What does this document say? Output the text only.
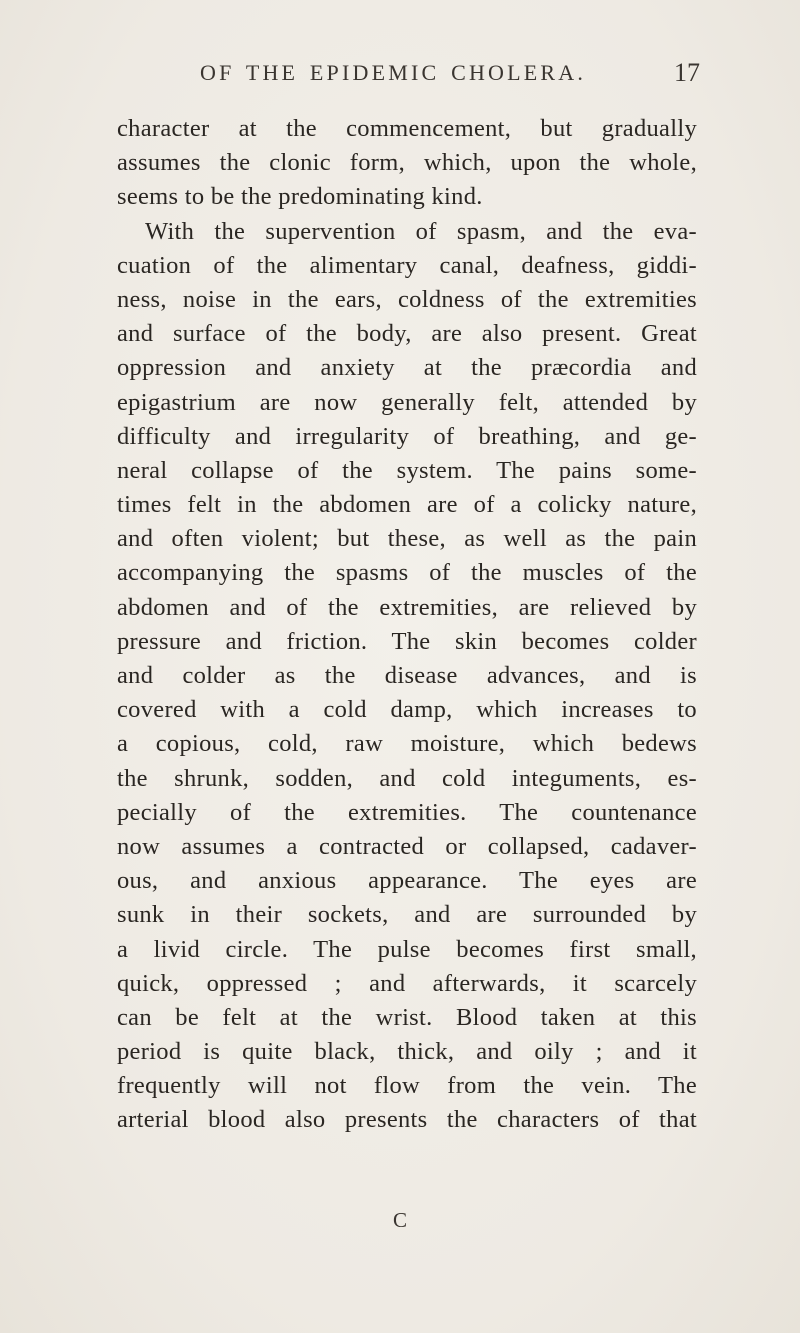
OF THE EPIDEMIC CHOLERA.	17
character at the commencement, but gradually
assumes the clonic form, which, upon the whole,
seems to be the predominating kind.
With the supervention of spasm, and the eva-
cuation of the alimentary canal, deafness, giddi-
ness, noise in the ears, coldness of the extremities
and surface of the body, are also present. Great
oppression and anxiety at the præcordia and
epigastrium are now generally felt, attended by
difficulty and irregularity of breathing, and ge-
neral collapse of the system. The pains some-
times felt in the abdomen are of a colicky nature,
and often violent; but these, as well as the pain
accompanying the spasms of the muscles of the
abdomen and of the extremities, are relieved by
pressure and friction. The skin becomes colder
and colder as the disease advances, and is
covered with a cold damp, which increases to
a copious, cold, raw moisture, which bedews
the shrunk, sodden, and cold integuments, es-
pecially of the extremities. The countenance
now assumes a contracted or collapsed, cadaver-
ous, and anxious appearance. The eyes are
sunk in their sockets, and are surrounded by
a livid circle. The pulse becomes first small,
quick, oppressed ; and afterwards, it scarcely
can be felt at the wrist. Blood taken at this
period is quite black, thick, and oily ; and it
frequently will not flow from the vein. The
arterial blood also presents the characters of that
C
